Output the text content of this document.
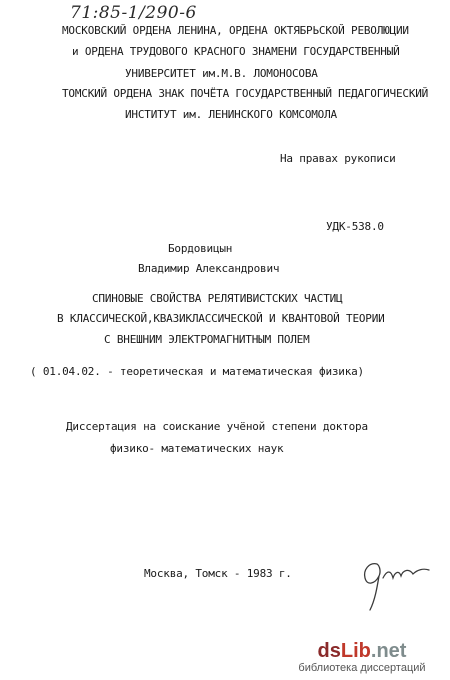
71:85-1/290-6
МОСКОВСКИЙ ОРДЕНА ЛЕНИНА, ОРДЕНА ОКТЯБРЬСКОЙ РЕВОЛЮЦИИ
и ОРДЕНА ТРУДОВОГО КРАСНОГО ЗНАМЕНИ ГОСУДАРСТВЕННЫЙ
УНИВЕРСИТЕТ им.М.В. ЛОМОНОСОВА
ТОМСКИЙ ОРДЕНА ЗНАК ПОЧЁТА ГОСУДАРСТВЕННЫЙ ПЕДАГОГИЧЕСКИЙ
ИНСТИТУТ им. ЛЕНИНСКОГО КОМСОМОЛА
На правах рукописи
УДК-538.0
Бордовицын
Владимир Александрович
СПИНОВЫЕ СВОЙСТВА РЕЛЯТИВИСТСКИХ ЧАСТИЦ
В КЛАССИЧЕСКОЙ,КВАЗИКЛАССИЧЕСКОЙ И КВАНТОВОЙ ТЕОРИИ
С ВНЕШНИМ ЭЛЕКТРОМАГНИТНЫМ ПОЛЕМ
( 01.04.02. - теоретическая и математическая физика)
Диссертация на соискание учёной степени доктора
физико- математических наук
Москва, Томск - 1983 г.
dsLib.net
библиотека диссертаций
